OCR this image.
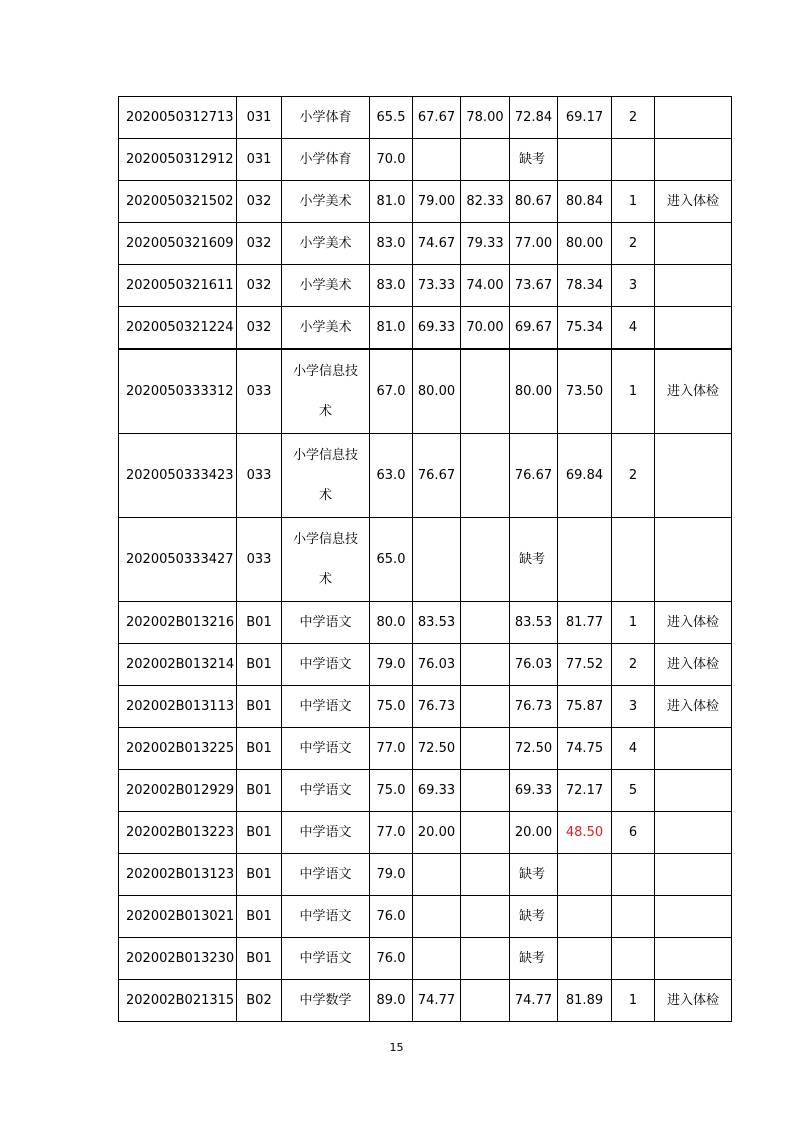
2020050312713	031	小学体育	65.5	67.67	78.00	72.84	69.17	2	
2020050312912	031	小学体育	70.0			缺考			
2020050321502	032	小学美术	81.0	79.00	82.33	80.67	80.84	1	进入体检
2020050321609	032	小学美术	83.0	74.67	79.33	77.00	80.00	2	
2020050321611	032	小学美术	83.0	73.33	74.00	73.67	78.34	3	
2020050321224	032	小学美术	81.0	69.33	70.00	69.67	75.34	4	
2020050333312	033	小学信息技术	67.0	80.00		80.00	73.50	1	进入体检
2020050333423	033	小学信息技术	63.0	76.67		76.67	69.84	2	
2020050333427	033	小学信息技术	65.0			缺考			
202002B013216	B01	中学语文	80.0	83.53		83.53	81.77	1	进入体检
202002B013214	B01	中学语文	79.0	76.03		76.03	77.52	2	进入体检
202002B013113	B01	中学语文	75.0	76.73		76.73	75.87	3	进入体检
202002B013225	B01	中学语文	77.0	72.50		72.50	74.75	4	
202002B012929	B01	中学语文	75.0	69.33		69.33	72.17	5	
202002B013223	B01	中学语文	77.0	20.00		20.00	48.50	6	
202002B013123	B01	中学语文	79.0			缺考			
202002B013021	B01	中学语文	76.0			缺考			
202002B013230	B01	中学语文	76.0			缺考			
202002B021315	B02	中学数学	89.0	74.77		74.77	81.89	1	进入体检
15
